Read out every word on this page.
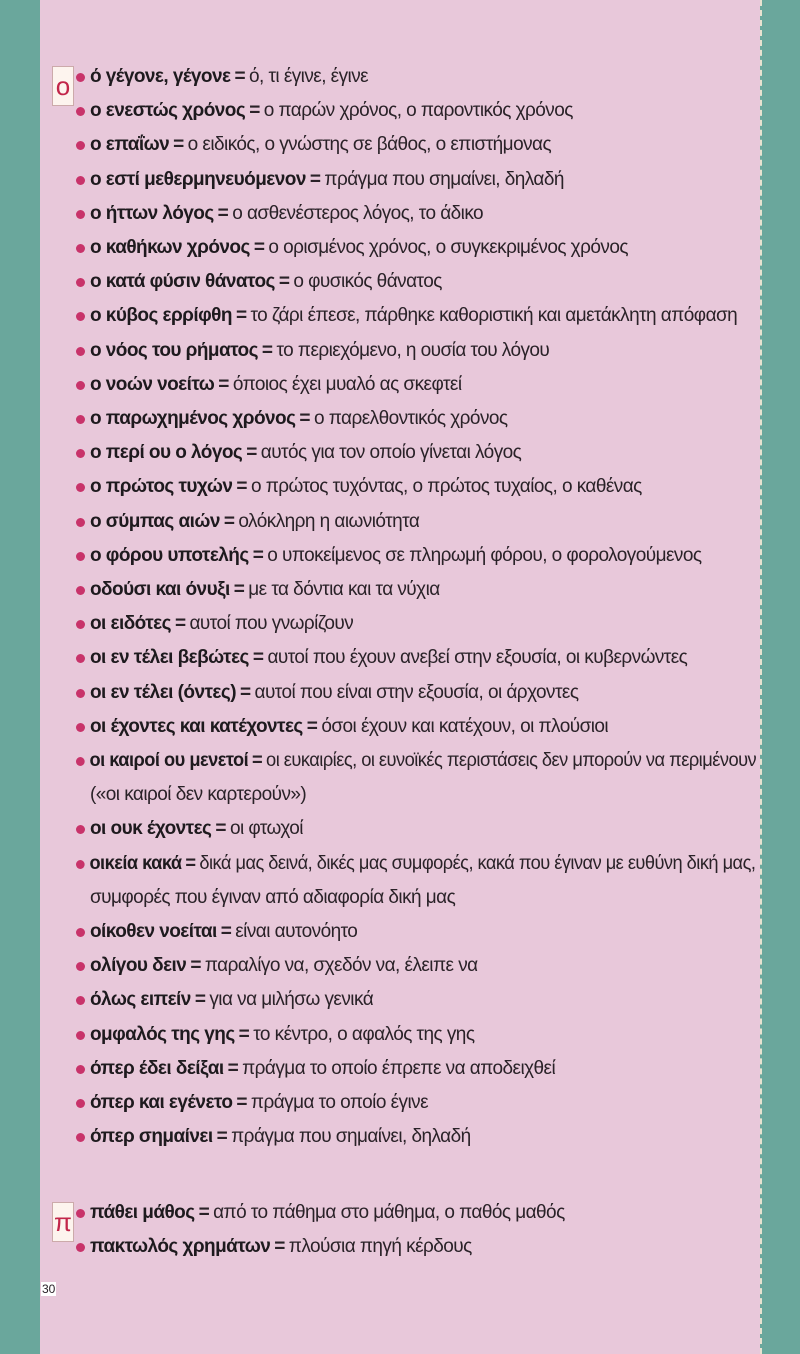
ο	ό γέγονε, γέγονε = ό, τι έγινε, έγινε
ο ενεστώς χρόνος = ο παρών χρόνος, ο παροντικός χρόνος
ο επαΐων = ο ειδικός, ο γνώστης σε βάθος, ο επιστήμονας
ο εστί μεθερμηνευόμενον = πράγμα που σημαίνει, δηλαδή
ο ήττων λόγος = ο ασθενέστερος λόγος, το άδικο
ο καθήκων χρόνος = ο ορισμένος χρόνος, ο συγκεκριμένος χρόνος
ο κατά φύσιν θάνατος = ο φυσικός θάνατος
ο κύβος ερρίφθη = το ζάρι έπεσε, πάρθηκε καθοριστική και αμετάκλητη απόφαση
ο νόος του ρήματος = το περιεχόμενο, η ουσία του λόγου
ο νοών νοείτω = όποιος έχει μυαλό ας σκεφτεί
ο παρωχημένος χρόνος = ο παρελθοντικός χρόνος
ο περί ου ο λόγος = αυτός για τον οποίο γίνεται λόγος
ο πρώτος τυχών = ο πρώτος τυχόντας, ο πρώτος τυχαίος, ο καθένας
ο σύμπας αιών = ολόκληρη η αιωνιότητα
ο φόρου υποτελής = ο υποκείμενος σε πληρωμή φόρου, ο φορολογούμενος
οδούσι και όνυξι = με τα δόντια και τα νύχια
οι ειδότες = αυτοί που γνωρίζουν
οι εν τέλει βεβώτες = αυτοί που έχουν ανεβεί στην εξουσία, οι κυβερνώντες
οι εν τέλει (όντες) = αυτοί που είναι στην εξουσία, οι άρχοντες
οι έχοντες και κατέχοντες = όσοι έχουν και κατέχουν, οι πλούσιοι
οι καιροί ου μενετοί = οι ευκαιρίες, οι ευνοϊκές περιστάσεις δεν μπορούν να περιμένουν
(«οι καιροί δεν καρτερούν»)
οι ουκ έχοντες = οι φτωχοί
οικεία κακά = δικά μας δεινά, δικές μας συμφορές, κακά που έγιναν με ευθύνη δική μας,
συμφορές που έγιναν από αδιαφορία δική μας
οίκοθεν νοείται = είναι αυτονόητο
ολίγου δειν = παραλίγο να, σχεδόν να, έλειπε να
όλως ειπείν = για να μιλήσω γενικά
ομφαλός της γης = το κέντρο, ο αφαλός της γης
όπερ έδει δείξαι = πράγμα το οποίο έπρεπε να αποδειχθεί
όπερ και εγένετο = πράγμα το οποίο έγινε
όπερ σημαίνει = πράγμα που σημαίνει, δηλαδή
π πάθει μάθος = από το πάθημα στο μάθημα, ο παθός μαθός
πακτωλός χρημάτων = πλούσια πηγή κέρδους
30
